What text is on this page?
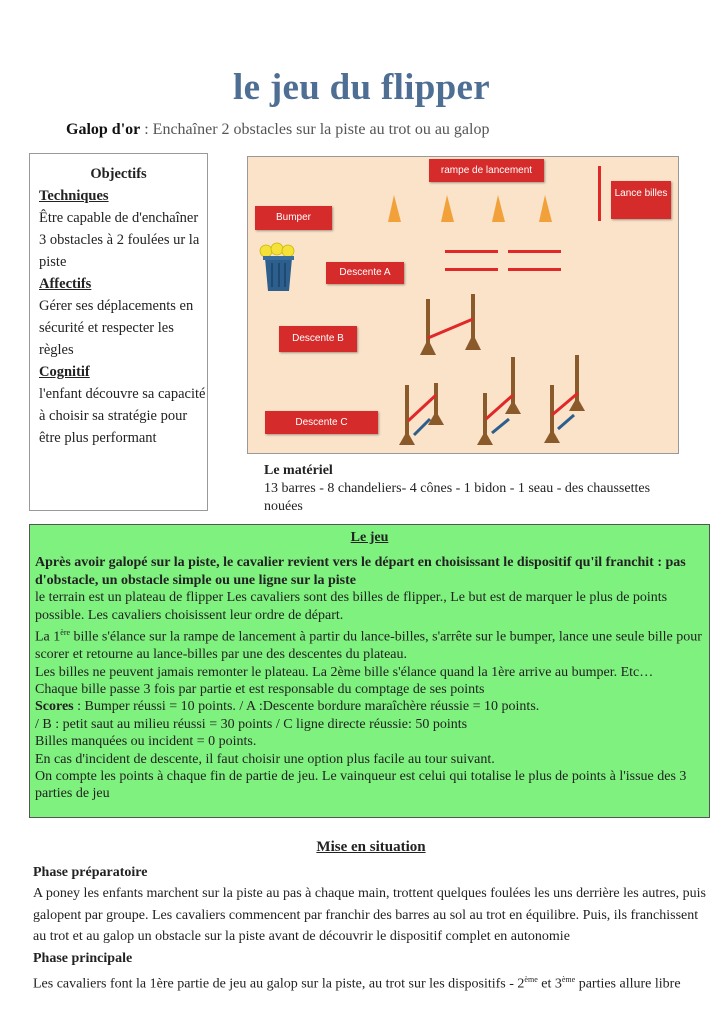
le jeu du flipper
Galop d'or : Enchaîner 2 obstacles sur la piste au trot ou au galop
Objectifs
Techniques
Être capable de d'enchaîner 3 obstacles à 2 foulées ur la piste
Affectifs
Gérer ses déplacements en sécurité et respecter les règles
Cognitif
l'enfant découvre sa capacité à choisir sa stratégie pour être plus performant
rampe de lancement
Lance billes
Bumper
Descente A
Descente B
Descente C
Le matériel
13 barres - 8 chandeliers- 4 cônes - 1 bidon - 1 seau - des chaussettes nouées
Le jeu

Après avoir galopé sur la piste, le cavalier revient vers le départ en choisissant le dispositif qu'il franchit : pas d'obstacle, un obstacle simple ou une ligne sur la piste

le terrain est un plateau de flipper Les cavaliers sont des billes de flipper., Le but est de marquer le plus de points possible. Les cavaliers choisissent leur ordre de départ.

La 1ère bille s'élance sur la rampe de lancement à partir du lance-billes, s'arrête sur le bumper, lance une seule bille pour scorer et retourne au lance-billes par une des descentes du plateau.

Les billes ne peuvent jamais remonter le plateau. La 2ème bille s'élance quand la 1ère arrive au bumper. Etc…

Chaque bille passe 3 fois par partie et est responsable du comptage de ses points

Scores : Bumper réussi = 10 points. / A :Descente bordure maraîchère réussie = 10 points.

/ B : petit saut au milieu réussi = 30 points / C ligne directe réussie: 50 points

Billes manquées ou incident = 0 points.

En cas d'incident de descente, il faut choisir une option plus facile au tour suivant.

On compte les points à chaque fin de partie de jeu. Le vainqueur est celui qui totalise le plus de points à l'issue des 3 parties de jeu

Mise en situation

Phase préparatoire

A poney les enfants marchent sur la piste au pas à chaque main, trottent quelques foulées les uns derrière les autres, puis galopent par groupe. Les cavaliers commencent par franchir des barres au sol au trot en équilibre. Puis, ils franchissent au trot et au galop un obstacle sur la piste avant de découvrir le dispositif complet en autonomie

Phase principale

Les cavaliers font la 1ère partie de jeu au galop sur la piste, au trot sur les dispositifs - 2ème et 3ème parties allure libre
